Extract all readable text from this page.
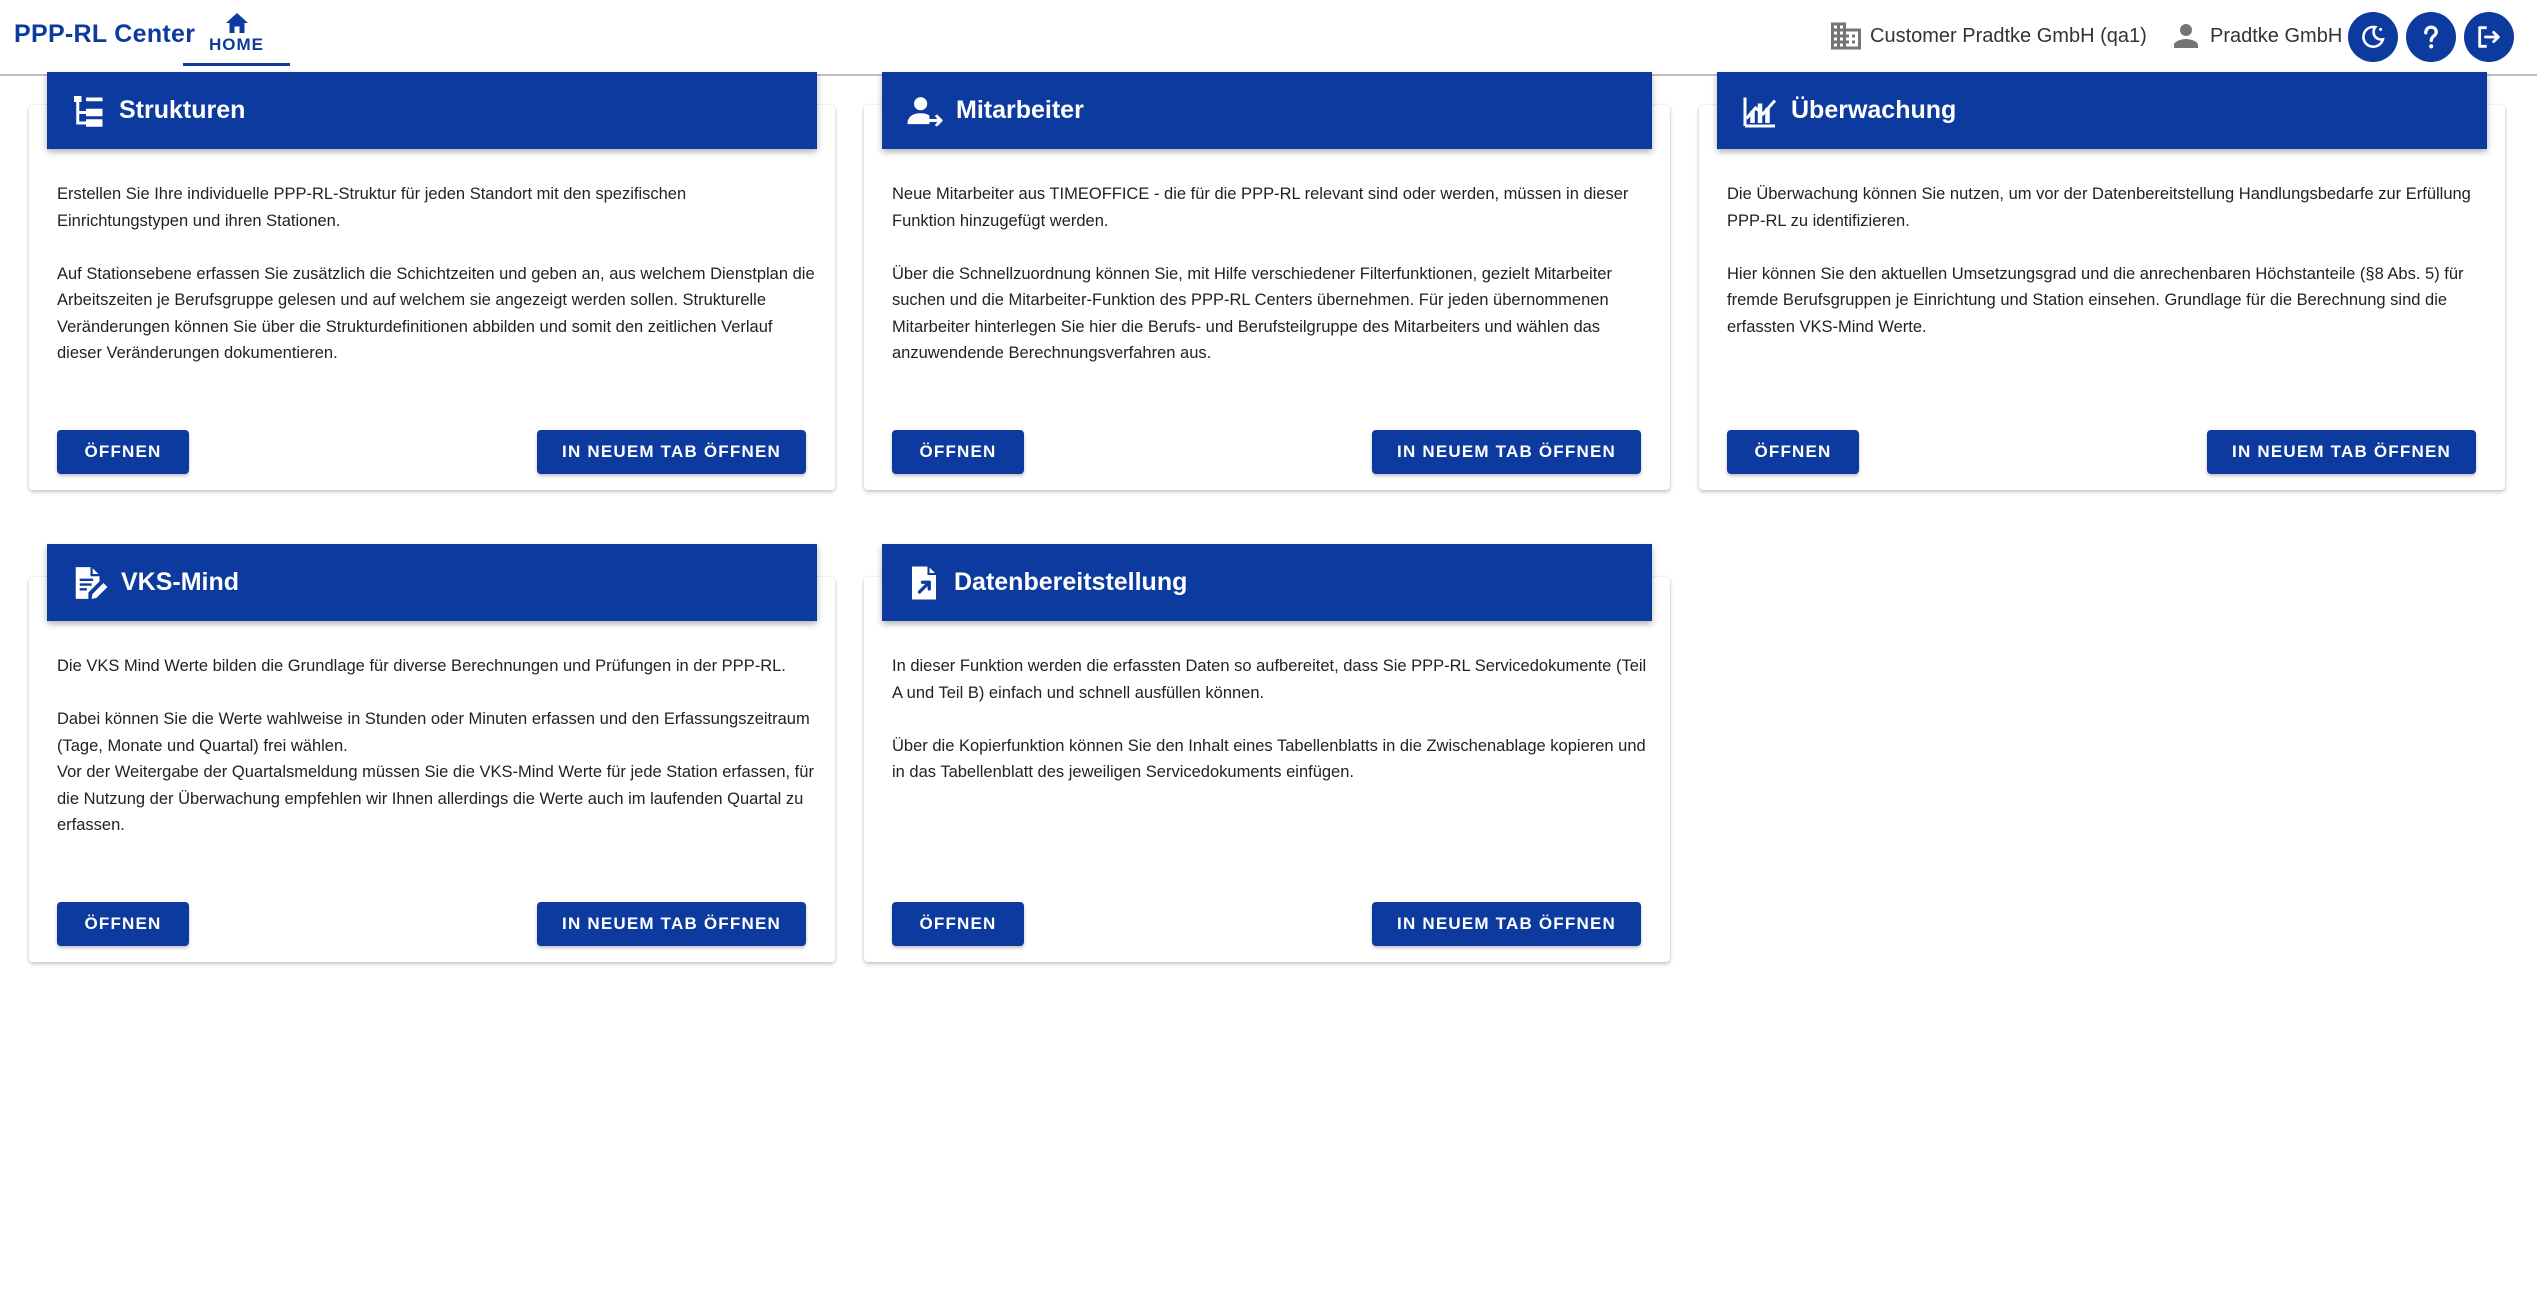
PPP-RL Center HOME	Customer Pradtke GmbH (qa1)	Pradtke GmbH
Strukturen

Erstellen Sie Ihre individuelle PPP-RL-Struktur für jeden Standort mit den spezifischen Einrichtungstypen und ihren Stationen.

Auf Stationsebene erfassen Sie zusätzlich die Schichtzeiten und geben an, aus welchem Dienstplan die Arbeitszeiten je Berufsgruppe gelesen und auf welchem sie angezeigt werden sollen. Strukturelle Veränderungen können Sie über die Strukturdefinitionen abbilden und somit den zeitlichen Verlauf dieser Veränderungen dokumentieren.

ÖFFNEN	IN NEUEM TAB ÖFFNEN
Mitarbeiter

Neue Mitarbeiter aus TIMEOFFICE - die für die PPP-RL relevant sind oder werden, müssen in dieser Funktion hinzugefügt werden.

Über die Schnellzuordnung können Sie, mit Hilfe verschiedener Filterfunktionen, gezielt Mitarbeiter suchen und die Mitarbeiter-Funktion des PPP-RL Centers übernehmen. Für jeden übernommenen Mitarbeiter hinterlegen Sie hier die Berufs- und Berufsteilgruppe des Mitarbeiters und wählen das anzuwendende Berechnungsverfahren aus.

ÖFFNEN	IN NEUEM TAB ÖFFNEN
Überwachung

Die Überwachung können Sie nutzen, um vor der Datenbereitstellung Handlungsbedarfe zur Erfüllung PPP-RL zu identifizieren.

Hier können Sie den aktuellen Umsetzungsgrad und die anrechenbaren Höchstanteile (§8 Abs. 5) für fremde Berufsgruppen je Einrichtung und Station einsehen. Grundlage für die Berechnung sind die erfassten VKS-Mind Werte.

ÖFFNEN	IN NEUEM TAB ÖFFNEN
VKS-Mind

Die VKS Mind Werte bilden die Grundlage für diverse Berechnungen und Prüfungen in der PPP-RL.

Dabei können Sie die Werte wahlweise in Stunden oder Minuten erfassen und den Erfassungszeitraum (Tage, Monate und Quartal) frei wählen.

Vor der Weitergabe der Quartalsmeldung müssen Sie die VKS-Mind Werte für jede Station erfassen, für die Nutzung der Überwachung empfehlen wir Ihnen allerdings die Werte auch im laufenden Quartal zu erfassen.

ÖFFNEN	IN NEUEM TAB ÖFFNEN
Datenbereitstellung

In dieser Funktion werden die erfassten Daten so aufbereitet, dass Sie PPP-RL Servicedokumente (Teil A und Teil B) einfach und schnell ausfüllen können.

Über die Kopierfunktion können Sie den Inhalt eines Tabellenblatts in die Zwischenablage kopieren und in das Tabellenblatt des jeweiligen Servicedokuments einfügen.

ÖFFNEN	IN NEUEM TAB ÖFFNEN
